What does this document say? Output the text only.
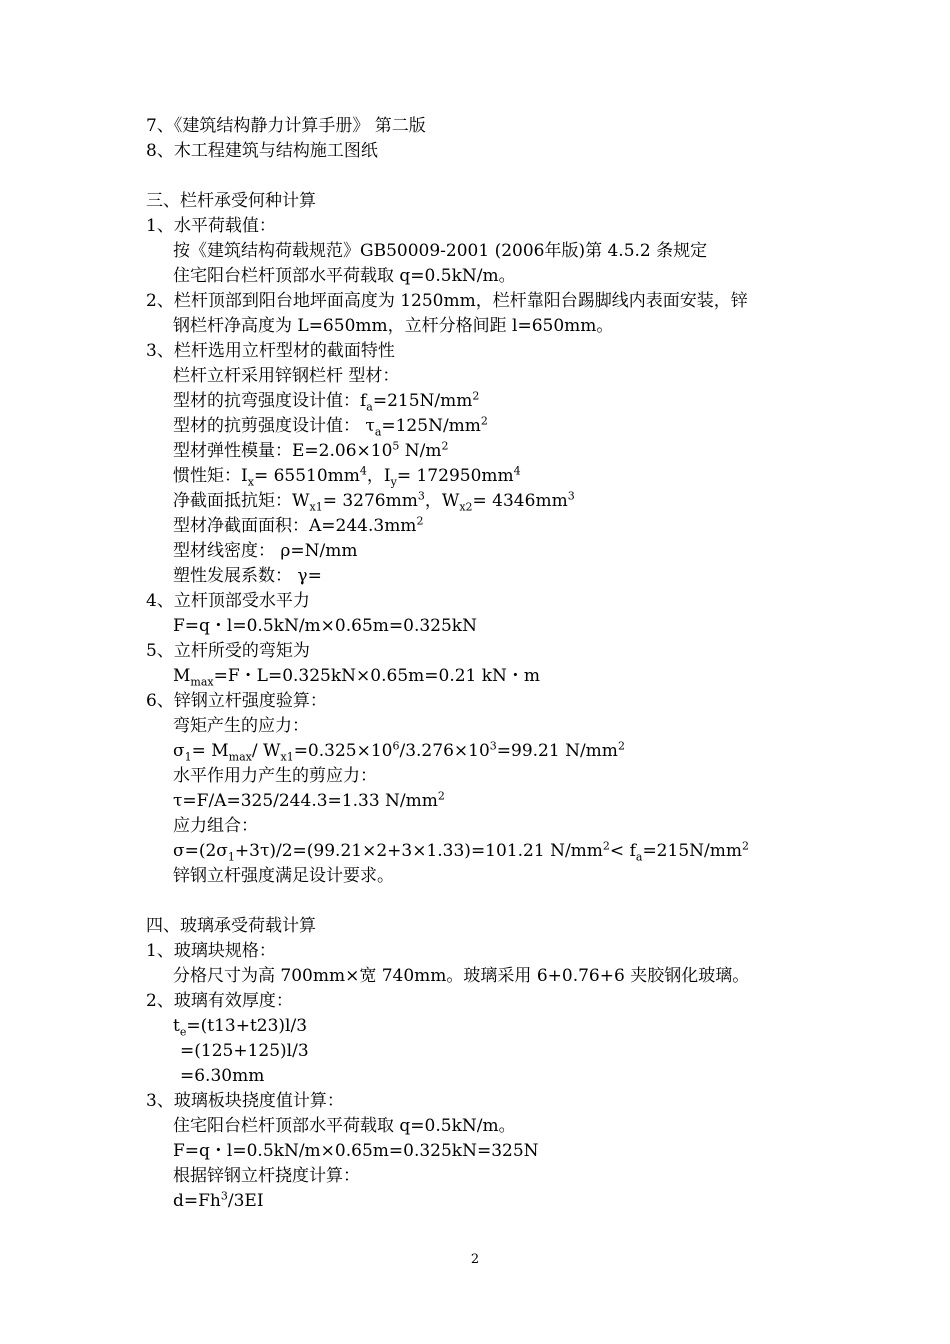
7、《建筑结构静力计算手册》 第二版
8、木工程建筑与结构施工图纸
三、栏杆承受何种计算
1、水平荷载值：
按《建筑结构荷载规范》GB50009-2001 (2006年版)第 4.5.2 条规定
住宅阳台栏杆顶部水平荷载取 q=0.5kN/m。
2、栏杆顶部到阳台地坪面高度为 1250mm，栏杆靠阳台踢脚线内表面安装，锌
钢栏杆净高度为 L=650mm，立杆分格间距 l=650mm。
3、栏杆选用立杆型材的截面特性
栏杆立杆采用锌钢栏杆 型材：
型材的抗弯强度设计值：$f_a=215N/mm^2$
型材的抗剪强度设计值： $\tau_a=125N/mm^2$
型材弹性模量：$E=2.06\times 10^5$ $N/m^2$
惯性矩：$I_x= 65510mm^4$，$I_y= 172950mm^4$
净截面抵抗矩：$W_{x1}= 3276mm^3$，$W_{x2}= 4346mm^3$
型材净截面面积：$A=244.3mm^2$
型材线密度： ρ=N/mm
塑性发展系数： γ=
4、立杆顶部受水平力
F=q・l=0.5kN/m×0.65m=0.325kN
5、立杆所受的弯矩为
$M_{max}=F$・L=0.325kN×0.65m=0.21 kN・m
6、锌钢立杆强度验算：
弯矩产生的应力：
$\sigma_1= M_{max}/$ $W_{x1}=0.325\times 10^6/3.276\times 10^3=99.21$ $N/mm^2$
水平作用力产生的剪应力：
τ=F/A=325/244.3=1.33 $N/mm^2$
应力组合：
$\sigma=(2\sigma_1+3\tau)/2=(99.21\times 2+3\times 1.33)=101.21$ $N/mm^2< f_a=215N/mm^2$
锌钢立杆强度满足设计要求。
四、玻璃承受荷载计算
1、玻璃块规格：
分格尺寸为高 700mm×宽 740mm。玻璃采用 6+0.76+6 夹胶钢化玻璃。
2、玻璃有效厚度：
$t_e=(t13+t23)l/3$
=(125+125)l/3
=6.30mm
3、玻璃板块挠度值计算：
住宅阳台栏杆顶部水平荷载取 q=0.5kN/m。
F=q・l=0.5kN/m×0.65m=0.325kN=325N
根据锌钢立杆挠度计算：
$d=Fh^3/3EI$
2
